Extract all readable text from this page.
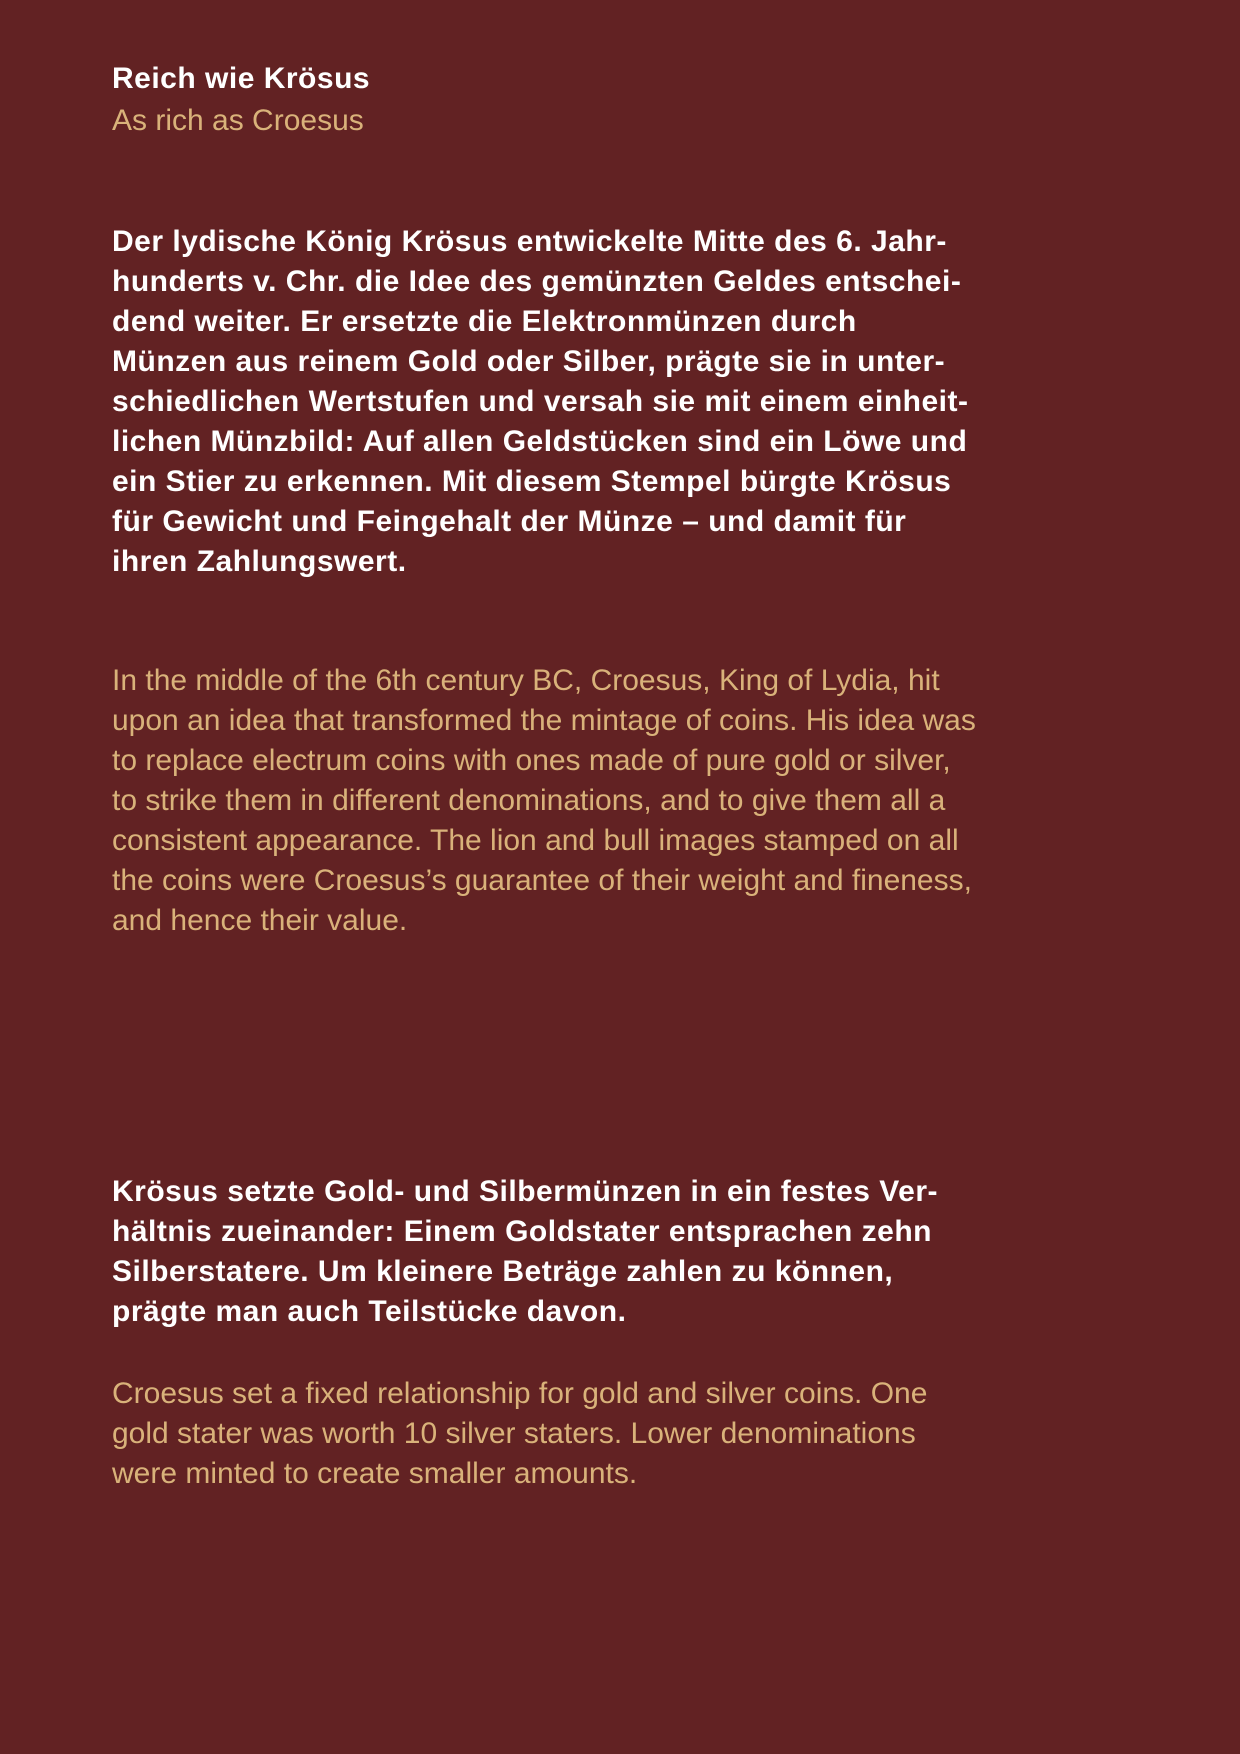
Reich wie Krösus
As rich as Croesus
Der lydische König Krösus entwickelte Mitte des 6. Jahr-
hunderts v. Chr. die Idee des gemünzten Geldes entschei-
dend weiter. Er ersetzte die Elektronmünzen durch
Münzen aus reinem Gold oder Silber, prägte sie in unter-
schiedlichen Wertstufen und versah sie mit einem einheit-
lichen Münzbild: Auf allen Geldstücken sind ein Löwe und
ein Stier zu erkennen. Mit diesem Stempel bürgte Krösus
für Gewicht und Feingehalt der Münze – und damit für
ihren Zahlungswert.
In the middle of the 6th century BC, Croesus, King of Lydia, hit
upon an idea that transformed the mintage of coins. His idea was
to replace electrum coins with ones made of pure gold or silver,
to strike them in different denominations, and to give them all a
consistent appearance. The lion and bull images stamped on all
the coins were Croesus’s guarantee of their weight and fineness,
and hence their value.
Krösus setzte Gold- und Silbermünzen in ein festes Ver-
hältnis zueinander: Einem Goldstater entsprachen zehn
Silberstatere. Um kleinere Beträge zahlen zu können,
prägte man auch Teilstücke davon.
Croesus set a fixed relationship for gold and silver coins. One
gold stater was worth 10 silver staters. Lower denominations
were minted to create smaller amounts.
